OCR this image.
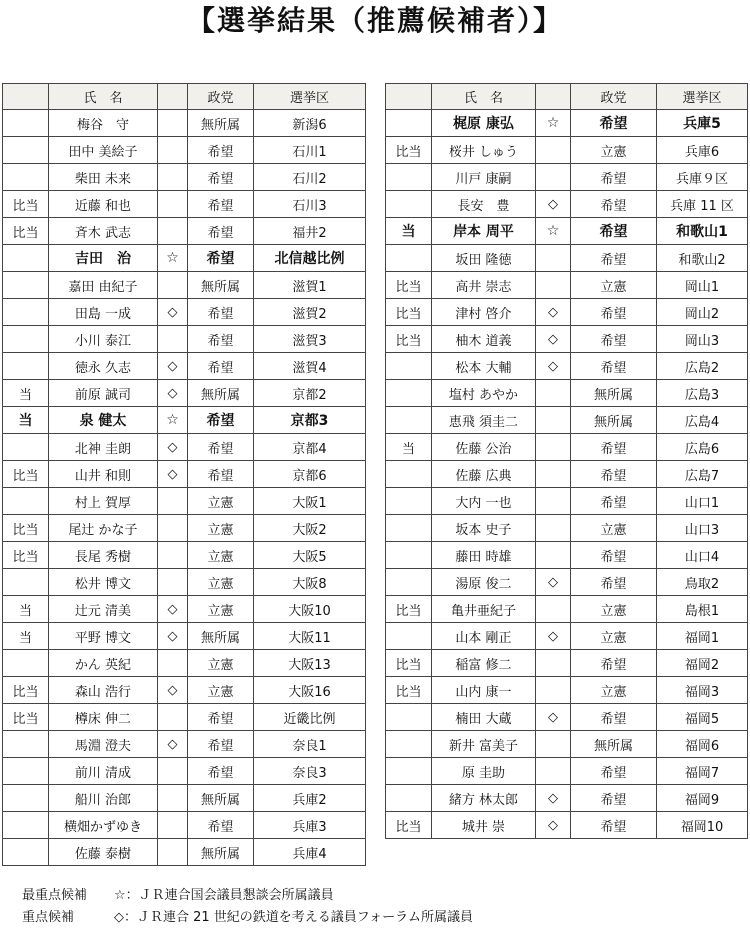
【選挙結果（推薦候補者）】
	氏　名		政党	選挙区
	梅谷　守		無所属	新潟6
	田中 美絵子		希望	石川1
	柴田 未来		希望	石川2
比当	近藤 和也		希望	石川3
比当	斉木 武志		希望	福井2
	吉田　治	☆	希望	北信越比例
	嘉田 由紀子		無所属	滋賀1
	田島 一成	◇	希望	滋賀2
	小川 泰江		希望	滋賀3
	徳永 久志	◇	希望	滋賀4
当	前原 誠司	◇	無所属	京都2
当	泉 健太	☆	希望	京都3
	北神 圭朗	◇	希望	京都4
比当	山井 和則	◇	希望	京都6
	村上 賀厚		立憲	大阪1
比当	尾辻 かな子		立憲	大阪2
比当	長尾 秀樹		立憲	大阪5
	松井 博文		立憲	大阪8
当	辻元 清美	◇	立憲	大阪10
当	平野 博文	◇	無所属	大阪11
	かん 英紀		立憲	大阪13
比当	森山 浩行	◇	立憲	大阪16
比当	樽床 伸二		希望	近畿比例
	馬淵 澄夫	◇	希望	奈良1
	前川 清成		希望	奈良3
	船川 治郎		無所属	兵庫2
	横畑かずゆき		希望	兵庫3
	佐藤 泰樹		無所属	兵庫4
	氏　名		政党	選挙区
	梶原 康弘	☆	希望	兵庫5
比当	桜井 しゅう		立憲	兵庫6
	川戸 康嗣		希望	兵庫９区
	長安　豊	◇	希望	兵庫 11 区
当	岸本 周平	☆	希望	和歌山1
	坂田 隆徳		希望	和歌山2
比当	高井 崇志		立憲	岡山1
比当	津村 啓介	◇	希望	岡山2
比当	柚木 道義	◇	希望	岡山3
	松本 大輔	◇	希望	広島2
	塩村 あやか		無所属	広島3
	恵飛 須圭二		無所属	広島4
当	佐藤 公治		希望	広島6
	佐藤 広典		希望	広島7
	大内 一也		希望	山口1
	坂本 史子		立憲	山口3
	藤田 時雄		希望	山口4
	湯原 俊二	◇	希望	鳥取2
比当	亀井亜紀子		立憲	島根1
	山本 剛正	◇	立憲	福岡1
比当	稲富 修二		希望	福岡2
比当	山内 康一		立憲	福岡3
	楠田 大蔵	◇	希望	福岡5
	新井 富美子		無所属	福岡6
	原 圭助		希望	福岡7
	緒方 林太郎	◇	希望	福岡9
比当	城井 崇	◇	希望	福岡10
最重点候補 ☆：ＪＲ連合国会議員懇談会所属議員
重点候補	◇：ＪＲ連合 21 世紀の鉄道を考える議員フォーラム所属議員
